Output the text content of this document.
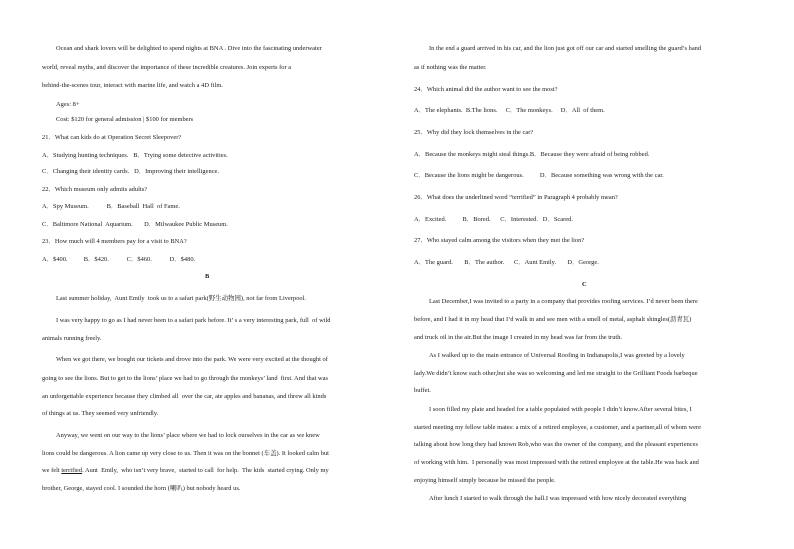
Ocean and shark lovers will be delighted to spend nights at BNA . Dive into the fascinating underwater
world, reveal myths, and discover the importance of these incredible creatures. Join experts for a
behind-the-scenes tour, interact with marine life, and watch a 4D film.
Ages: 8+
Cost: $120 for general admission | $100 for members
21．What can kids do at Operation Secret Sleepover?
A．Studying hunting techniques.   B．Trying some detective activities.
C．Changing their identity cards.   D．Improving their intelligence.
22．Which museum only admits adults?
A．Spy Museum.           B．Baseball  Hall  of Fame.
C．Baltimore National  Aquarium.       D．Milwaukee Public Museum.
23．How much will 4 members pay for a visit to BNA?
A．$400.          B．$420.           C．$460.           D．$480.
B
Last summer holiday,  Aunt Emily  took us to a safari park(野生动物园), not far from Liverpool.
I was very happy to go as I had never been to a safari park before. It’ s a very interesting park, full  of wild
animals running freely.
When we got there, we bought our tickets and drove into the park. We were very excited at the thought of
going to see the lions. But to get to the lions’ place we had to go through the monkeys’ land  first. And that was
an unforgettable experience because they climbed all  over the car, ate apples and bananas, and threw all kinds
of things at us. They seemed very unfriendly.
Anyway, we went on our way to the lions’ place where we had to lock ourselves in the car as we knew
lions could be dangerous. A lion came up very close to us. Then it was on the bonnet (车盖). It looked calm but
we felt terrified. Aunt  Emily,  who isn’t very brave,  started to call  for help.  The kids  started crying. Only my
brother, George, stayed cool. I sounded the horn (喇叭) but nobody heard us.
In the end a guard arrived in his car, and the lion just got off our car and started smelling the guard’s hand
as if nothing was the matter.
24．Which animal did the author want to see the most?
A．The elephants.  B.The lions.     C．The monkeys.     D．All  of them.
25．Why did they lock themselves in the car?
A．Because the monkeys might steal things.B．Because they were afraid of being robbed.
C．Because the lions might be dangerous.          D．Because something was wrong with the car.
26．What does the underlined word “terrified” in Paragraph 4 probably mean?
A．Excited.          B．Bored.      C．Interested.   D．Scared.
27．Who stayed calm among the visitors when they met the lion?
A．The guard.       B．The author.      C．Aunt Emily.       D．George.
C
Last December,I was invited to a party in a company that provides roofing services. I’d never been there
before, and I had it in my head that I’d walk in and see men with a smell of metal, asphalt shingles(沥青瓦)
and truck oil in the air.But the image I created in my head was far from the truth.
As I walked up to the main entrance of Universal Roofing in Indianapolis,I was greeted by a lovely
lady.We didn’t know each other,but she was so welcoming and led me straight to the Grilliant Foods barbeque
buffet.
I soon filled my plate and headed for a table populated with people I didn’t know.After several bites, I
started meeting my fellow table mates: a mix of a retired employee, a customer, and a partner,all of whom were
talking about how long they had known Rob,who was the owner of the company, and the pleasant experiences
of working with him.  I personally was most impressed with the retired employee at the table.He was back and
enjoying himself simply because he missed the people.
After lunch I started to walk through the hall.I was impressed with how nicely decorated everything
